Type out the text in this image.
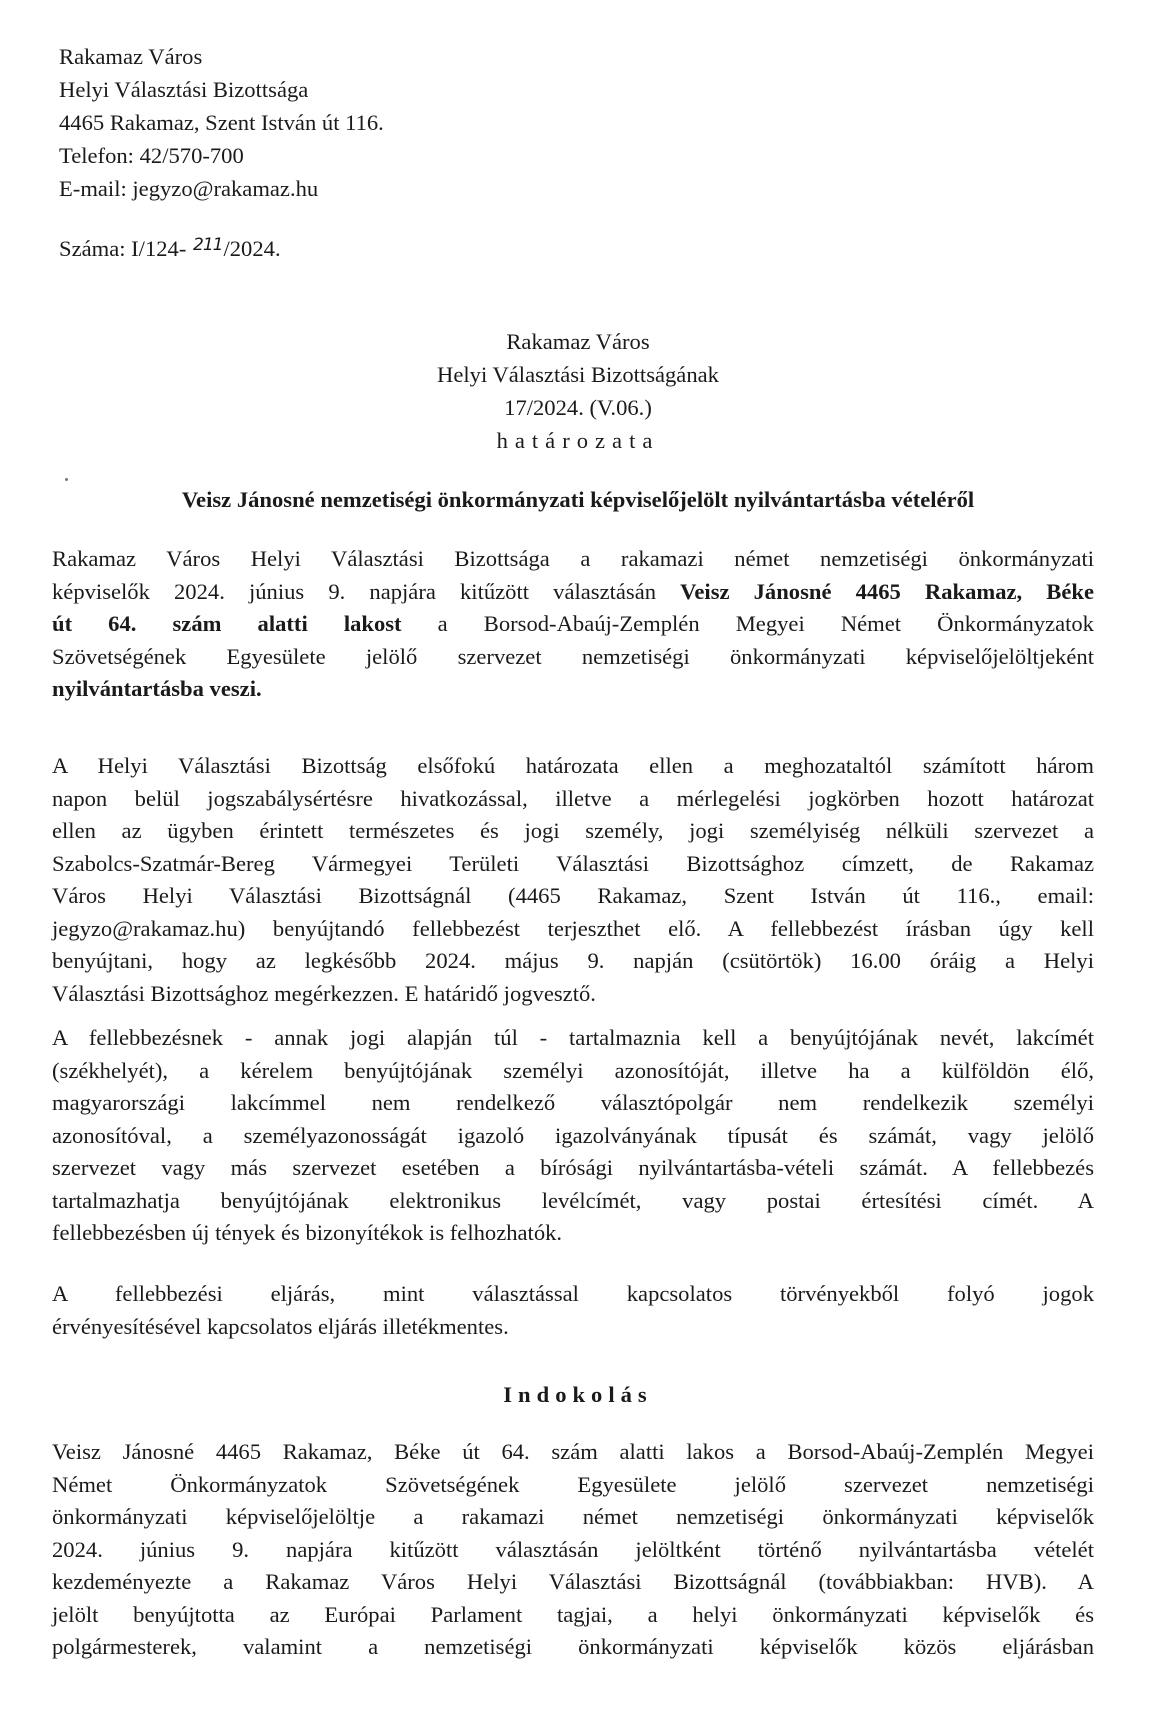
Rakamaz Város
Helyi Választási Bizottsága
4465 Rakamaz, Szent István út 116.
Telefon: 42/570-700
E-mail: jegyzo@rakamaz.hu
Száma: I/124- $^{211}$/2024.
Rakamaz Város
Helyi Választási Bizottságának
17/2024. (V.06.)
határozata
Veisz Jánosné nemzetiségi önkormányzati képviselőjelölt nyilvántartásba vételéről
Rakamaz Város Helyi Választási Bizottsága a rakamazi német nemzetiségi önkormányzati
képviselők 2024. június 9. napjára kitűzött választásán Veisz Jánosné 4465 Rakamaz, Béke
út 64. szám alatti lakost a Borsod-Abaúj-Zemplén Megyei Német Önkormányzatok
Szövetségének Egyesülete jelölő szervezet nemzetiségi önkormányzati képviselőjelöltjeként
nyilvántartásba veszi.
A Helyi Választási Bizottság elsőfokú határozata ellen a meghozataltól számított három
napon belül jogszabálysértésre hivatkozással, illetve a mérlegelési jogkörben hozott határozat
ellen az ügyben érintett természetes és jogi személy, jogi személyiség nélküli szervezet a
Szabolcs-Szatmár-Bereg Vármegyei Területi Választási Bizottsághoz címzett, de Rakamaz
Város Helyi Választási Bizottságnál (4465 Rakamaz, Szent István út 116., email:
jegyzo@rakamaz.hu) benyújtandó fellebbezést terjeszthet elő. A fellebbezést írásban úgy kell
benyújtani, hogy az legkésőbb 2024. május 9. napján (csütörtök) 16.00 óráig a Helyi
Választási Bizottsághoz megérkezzen. E határidő jogvesztő.
A fellebbezésnek - annak jogi alapján túl - tartalmaznia kell a benyújtójának nevét, lakcímét
(székhelyét), a kérelem benyújtójának személyi azonosítóját, illetve ha a külföldön élő,
magyarországi lakcímmel nem rendelkező választópolgár nem rendelkezik személyi
azonosítóval, a személyazonosságát igazoló igazolványának típusát és számát, vagy jelölő
szervezet vagy más szervezet esetében a bírósági nyilvántartásba-vételi számát. A fellebbezés
tartalmazhatja benyújtójának elektronikus levélcímét, vagy postai értesítési címét. A
fellebbezésben új tények és bizonyítékok is felhozhatók.
A fellebbezési eljárás, mint választással kapcsolatos törvényekből folyó jogok
érvényesítésével kapcsolatos eljárás illetékmentes.
Indokolás
Veisz Jánosné 4465 Rakamaz, Béke út 64. szám alatti lakos a Borsod-Abaúj-Zemplén Megyei
Német Önkormányzatok Szövetségének Egyesülete jelölő szervezet nemzetiségi
önkormányzati képviselőjelöltje a rakamazi német nemzetiségi önkormányzati képviselők
2024. június 9. napjára kitűzött választásán jelöltként történő nyilvántartásba vételét
kezdeményezte a Rakamaz Város Helyi Választási Bizottságnál (továbbiakban: HVB). A
jelölt benyújtotta az Európai Parlament tagjai, a helyi önkormányzati képviselők és
polgármesterek, valamint a nemzetiségi önkormányzati képviselők közös eljárásban
